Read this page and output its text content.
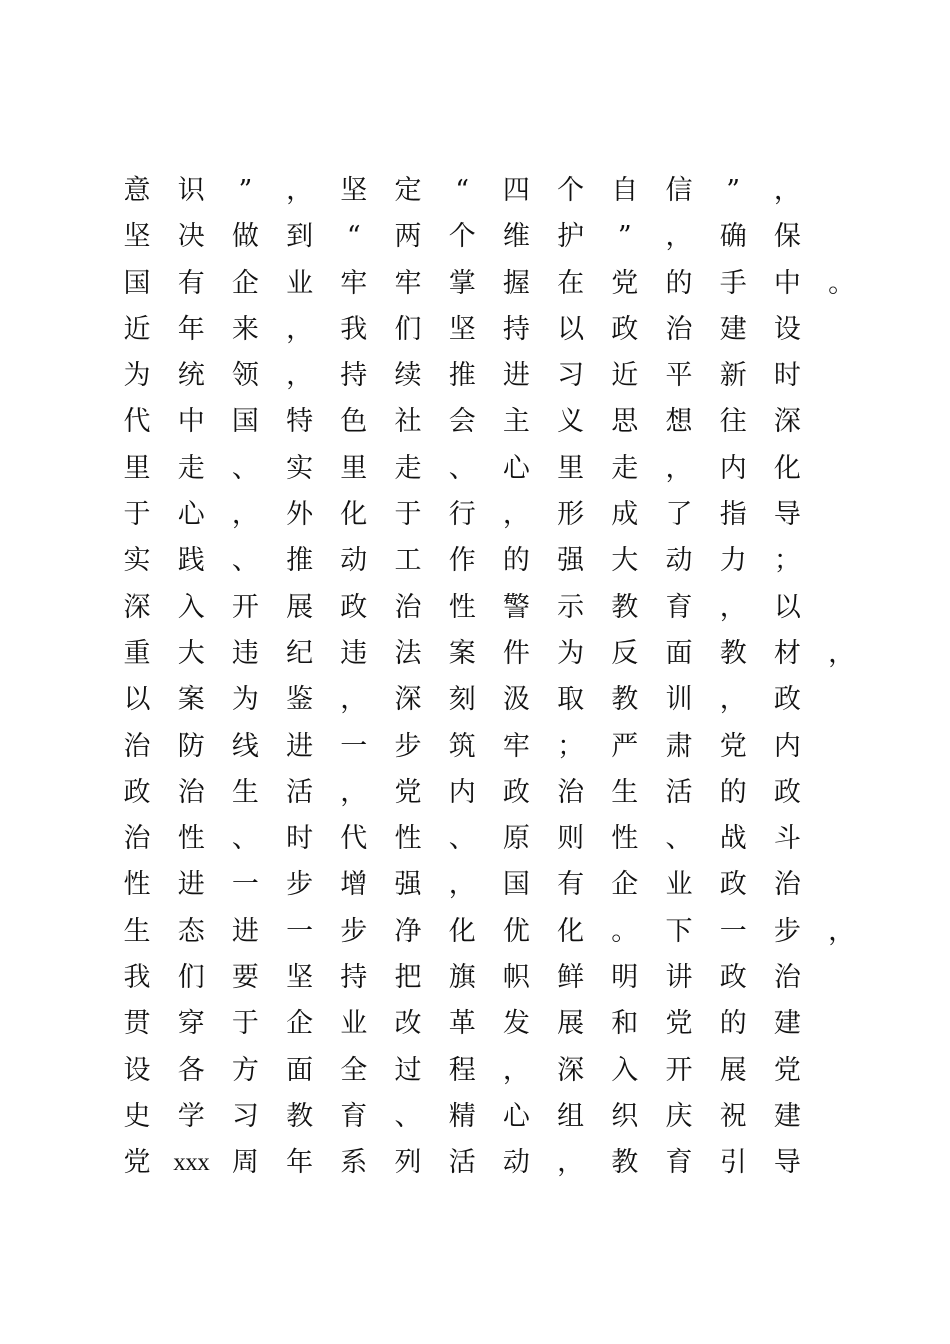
意 识	”	， 坚 定	“	四 个 自 信	”	，
坚 决 做 到	“	两 个 维 护	”	， 确 保
国 有 企 业 牢 牢 掌 握 在 党 的 手 中 。
近 年 来 ， 我 们 坚 持 以 政 治 建 设
为 统 领 ， 持 续 推 进 习 近 平 新 时
代 中 国 特 色 社 会 主 义 思 想 往 深
里 走 、 实 里 走 、 心 里 走 ， 内 化
于 心 ， 外 化 于 行 ， 形 成 了 指 导
实 践 、 推 动 工 作 的 强 大 动 力 ；
深 入 开 展 政 治 性 警 示 教 育 ， 以
重 大 违 纪 违 法 案 件 为 反 面 教 材 ，
以 案 为 鉴 ， 深 刻 汲 取 教 训 ， 政
治 防 线 进 一 步 筑 牢 ； 严 肃 党 内
政 治 生 活 ， 党 内 政 治 生 活 的 政
治 性 、 时 代 性 、 原 则 性 、 战 斗
性 进 一 步 增 强 ， 国 有 企 业 政 治
生 态 进 一 步 净 化 优 化 。 下 一 步 ，
我 们 要 坚 持 把 旗 帜 鲜 明 讲 政 治
贯 穿 于 企 业 改 革 发 展 和 党 的 建
设 各 方 面 全 过 程 ， 深 入 开 展 党
史 学 习 教 育 、 精 心 组 织 庆 祝 建
党 xxx 周 年 系 列 活 动 ， 教 育 引 导
